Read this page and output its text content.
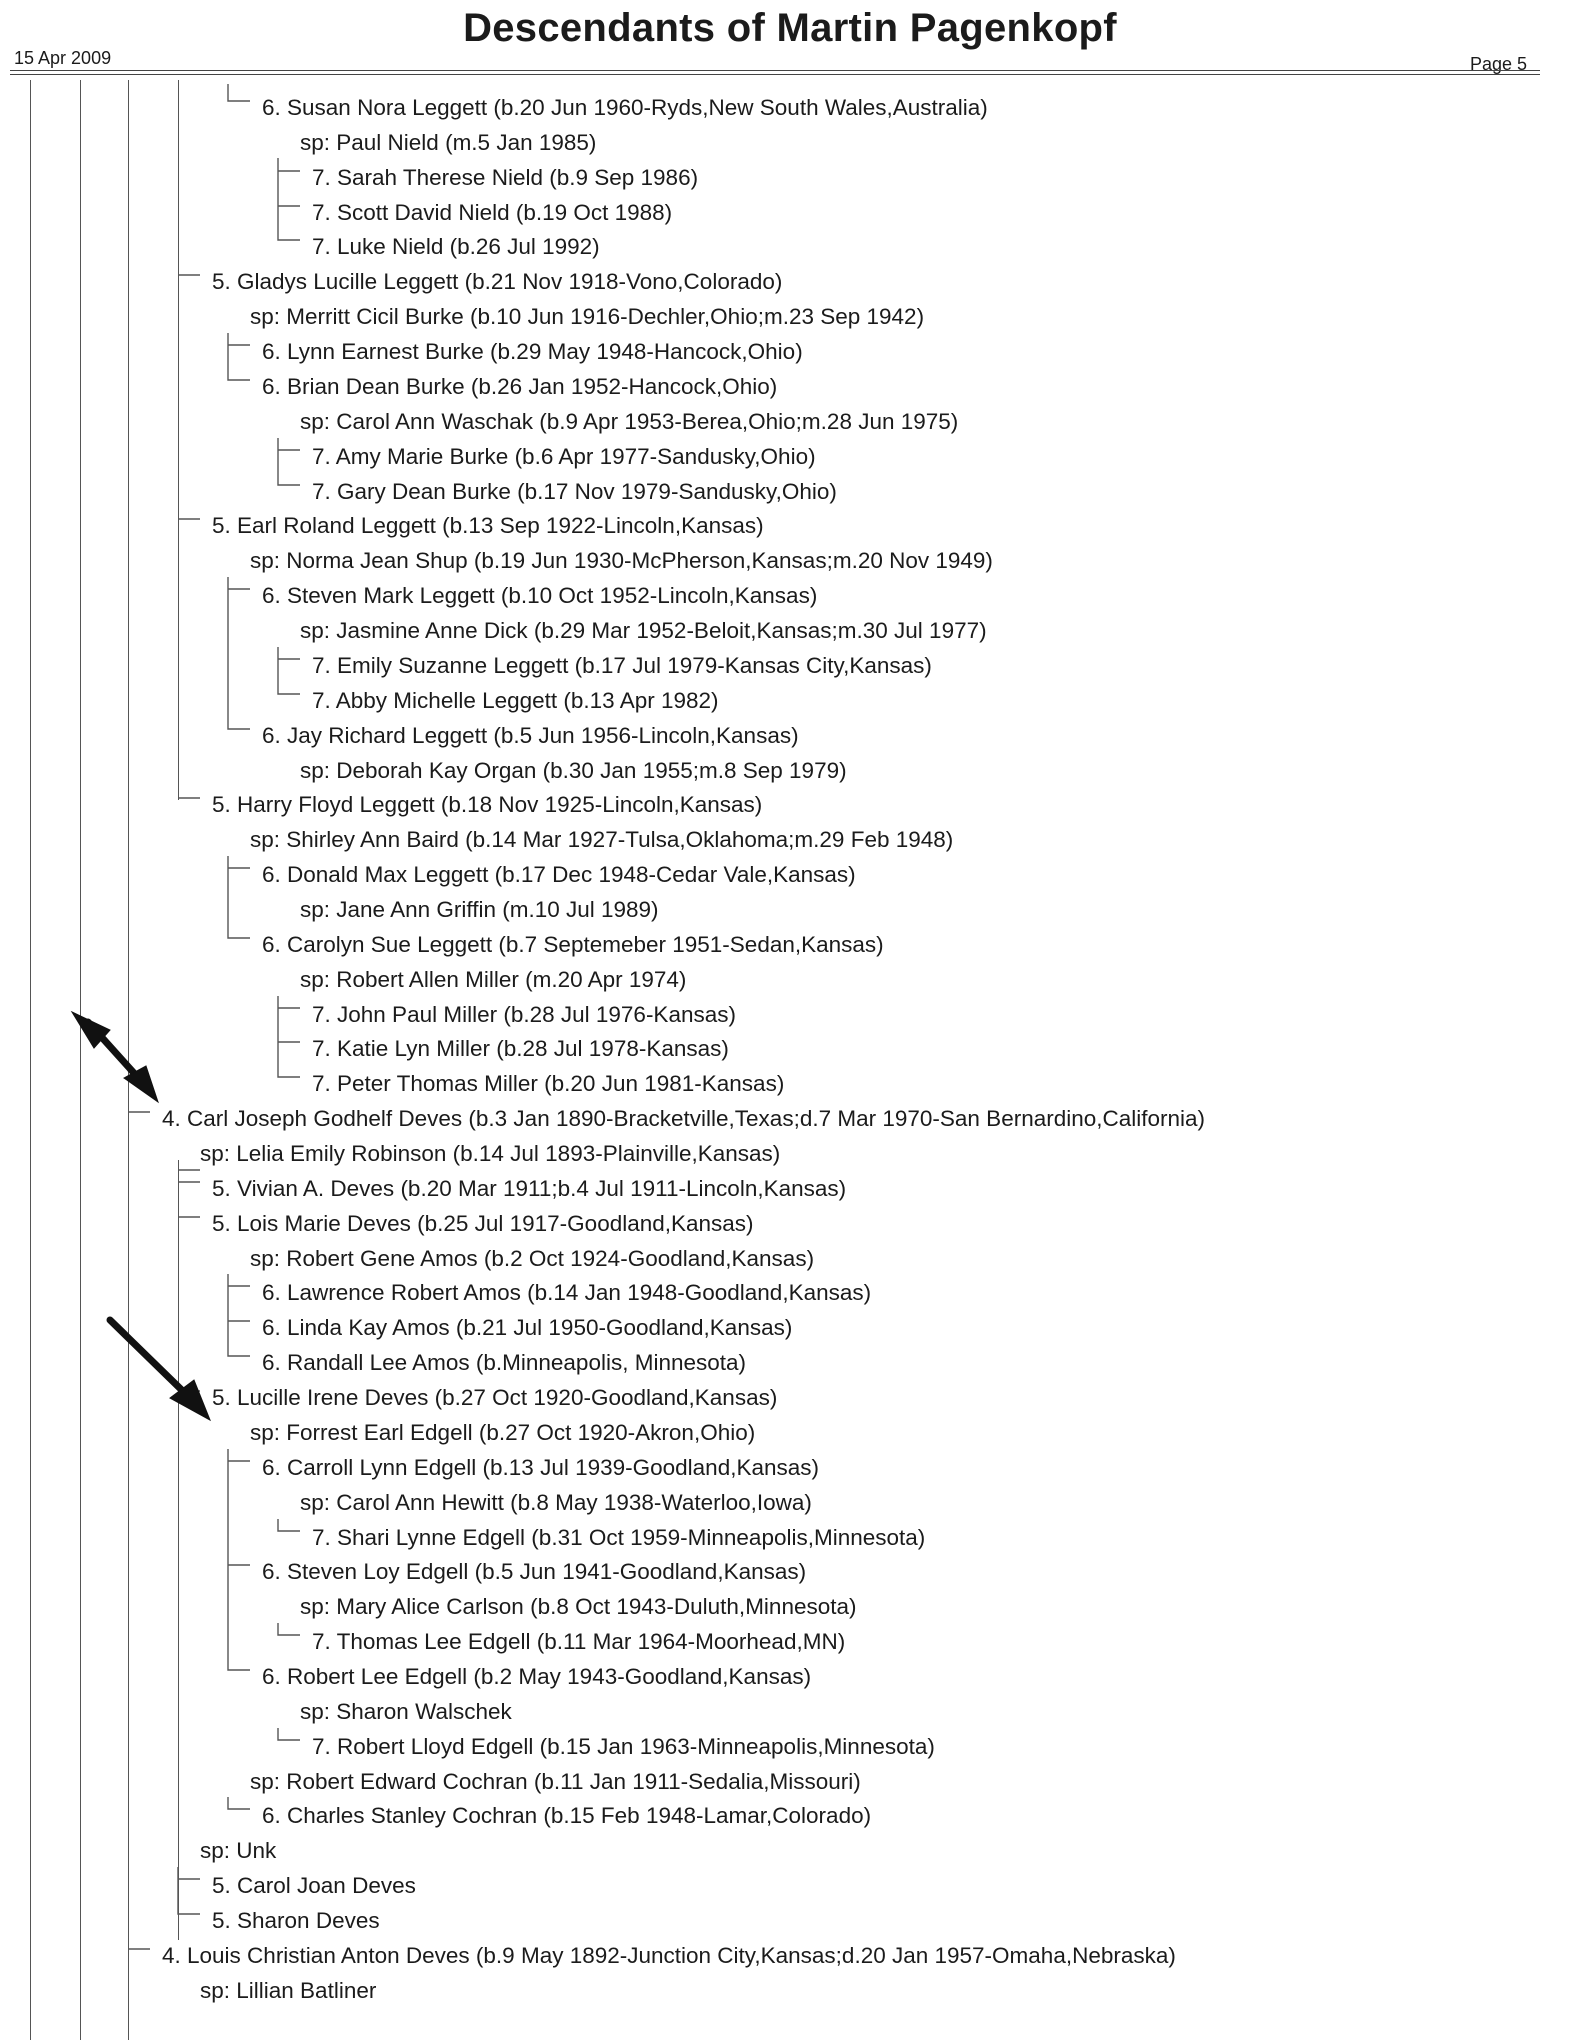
Descendants of Martin Pagenkopf
15 Apr 2009	Page 5
6. Susan Nora Leggett (b.20 Jun 1960-Ryds,New South Wales,Australia)
sp: Paul Nield (m.5 Jan 1985)
7. Sarah Therese Nield (b.9 Sep 1986)
7. Scott David Nield (b.19 Oct 1988)
7. Luke Nield (b.26 Jul 1992)
5. Gladys Lucille Leggett (b.21 Nov 1918-Vono,Colorado)
sp: Merritt Cicil Burke (b.10 Jun 1916-Dechler,Ohio;m.23 Sep 1942)
6. Lynn Earnest Burke (b.29 May 1948-Hancock,Ohio)
6. Brian Dean Burke (b.26 Jan 1952-Hancock,Ohio)
sp: Carol Ann Waschak (b.9 Apr 1953-Berea,Ohio;m.28 Jun 1975)
7. Amy Marie Burke (b.6 Apr 1977-Sandusky,Ohio)
7. Gary Dean Burke (b.17 Nov 1979-Sandusky,Ohio)
5. Earl Roland Leggett (b.13 Sep 1922-Lincoln,Kansas)
sp: Norma Jean Shup (b.19 Jun 1930-McPherson,Kansas;m.20 Nov 1949)
6. Steven Mark Leggett (b.10 Oct 1952-Lincoln,Kansas)
sp: Jasmine Anne Dick (b.29 Mar 1952-Beloit,Kansas;m.30 Jul 1977)
7. Emily Suzanne Leggett (b.17 Jul 1979-Kansas City,Kansas)
7. Abby Michelle Leggett (b.13 Apr 1982)
6. Jay Richard Leggett (b.5 Jun 1956-Lincoln,Kansas)
sp: Deborah Kay Organ (b.30 Jan 1955;m.8 Sep 1979)
5. Harry Floyd Leggett (b.18 Nov 1925-Lincoln,Kansas)
sp: Shirley Ann Baird (b.14 Mar 1927-Tulsa,Oklahoma;m.29 Feb 1948)
6. Donald Max Leggett (b.17 Dec 1948-Cedar Vale,Kansas)
sp: Jane Ann Griffin (m.10 Jul 1989)
6. Carolyn Sue Leggett (b.7 Septemeber 1951-Sedan,Kansas)
sp: Robert Allen Miller (m.20 Apr 1974)
7. John Paul Miller (b.28 Jul 1976-Kansas)
7. Katie Lyn Miller (b.28 Jul 1978-Kansas)
7. Peter Thomas Miller (b.20 Jun 1981-Kansas)
4. Carl Joseph Godhelf Deves (b.3 Jan 1890-Bracketville,Texas;d.7 Mar 1970-San Bernardino,California)
sp: Lelia Emily Robinson (b.14 Jul 1893-Plainville,Kansas)
5. Vivian A. Deves (b.20 Mar 1911;b.4 Jul 1911-Lincoln,Kansas)
5. Lois Marie Deves (b.25 Jul 1917-Goodland,Kansas)
sp: Robert Gene Amos (b.2 Oct 1924-Goodland,Kansas)
6. Lawrence Robert Amos (b.14 Jan 1948-Goodland,Kansas)
6. Linda Kay Amos (b.21 Jul 1950-Goodland,Kansas)
6. Randall Lee Amos (b.Minneapolis, Minnesota)
5. Lucille Irene Deves (b.27 Oct 1920-Goodland,Kansas)
sp: Forrest Earl Edgell (b.27 Oct 1920-Akron,Ohio)
6. Carroll Lynn Edgell (b.13 Jul 1939-Goodland,Kansas)
sp: Carol Ann Hewitt (b.8 May 1938-Waterloo,Iowa)
7. Shari Lynne Edgell (b.31 Oct 1959-Minneapolis,Minnesota)
6. Steven Loy Edgell (b.5 Jun 1941-Goodland,Kansas)
sp: Mary Alice Carlson (b.8 Oct 1943-Duluth,Minnesota)
7. Thomas Lee Edgell (b.11 Mar 1964-Moorhead,MN)
6. Robert Lee Edgell (b.2 May 1943-Goodland,Kansas)
sp: Sharon Walschek
7. Robert Lloyd Edgell (b.15 Jan 1963-Minneapolis,Minnesota)
sp: Robert Edward Cochran (b.11 Jan 1911-Sedalia,Missouri)
6. Charles Stanley Cochran (b.15 Feb 1948-Lamar,Colorado)
sp: Unk
5. Carol Joan Deves
5. Sharon Deves
4. Louis Christian Anton Deves (b.9 May 1892-Junction City,Kansas;d.20 Jan 1957-Omaha,Nebraska)
sp: Lillian Batliner
